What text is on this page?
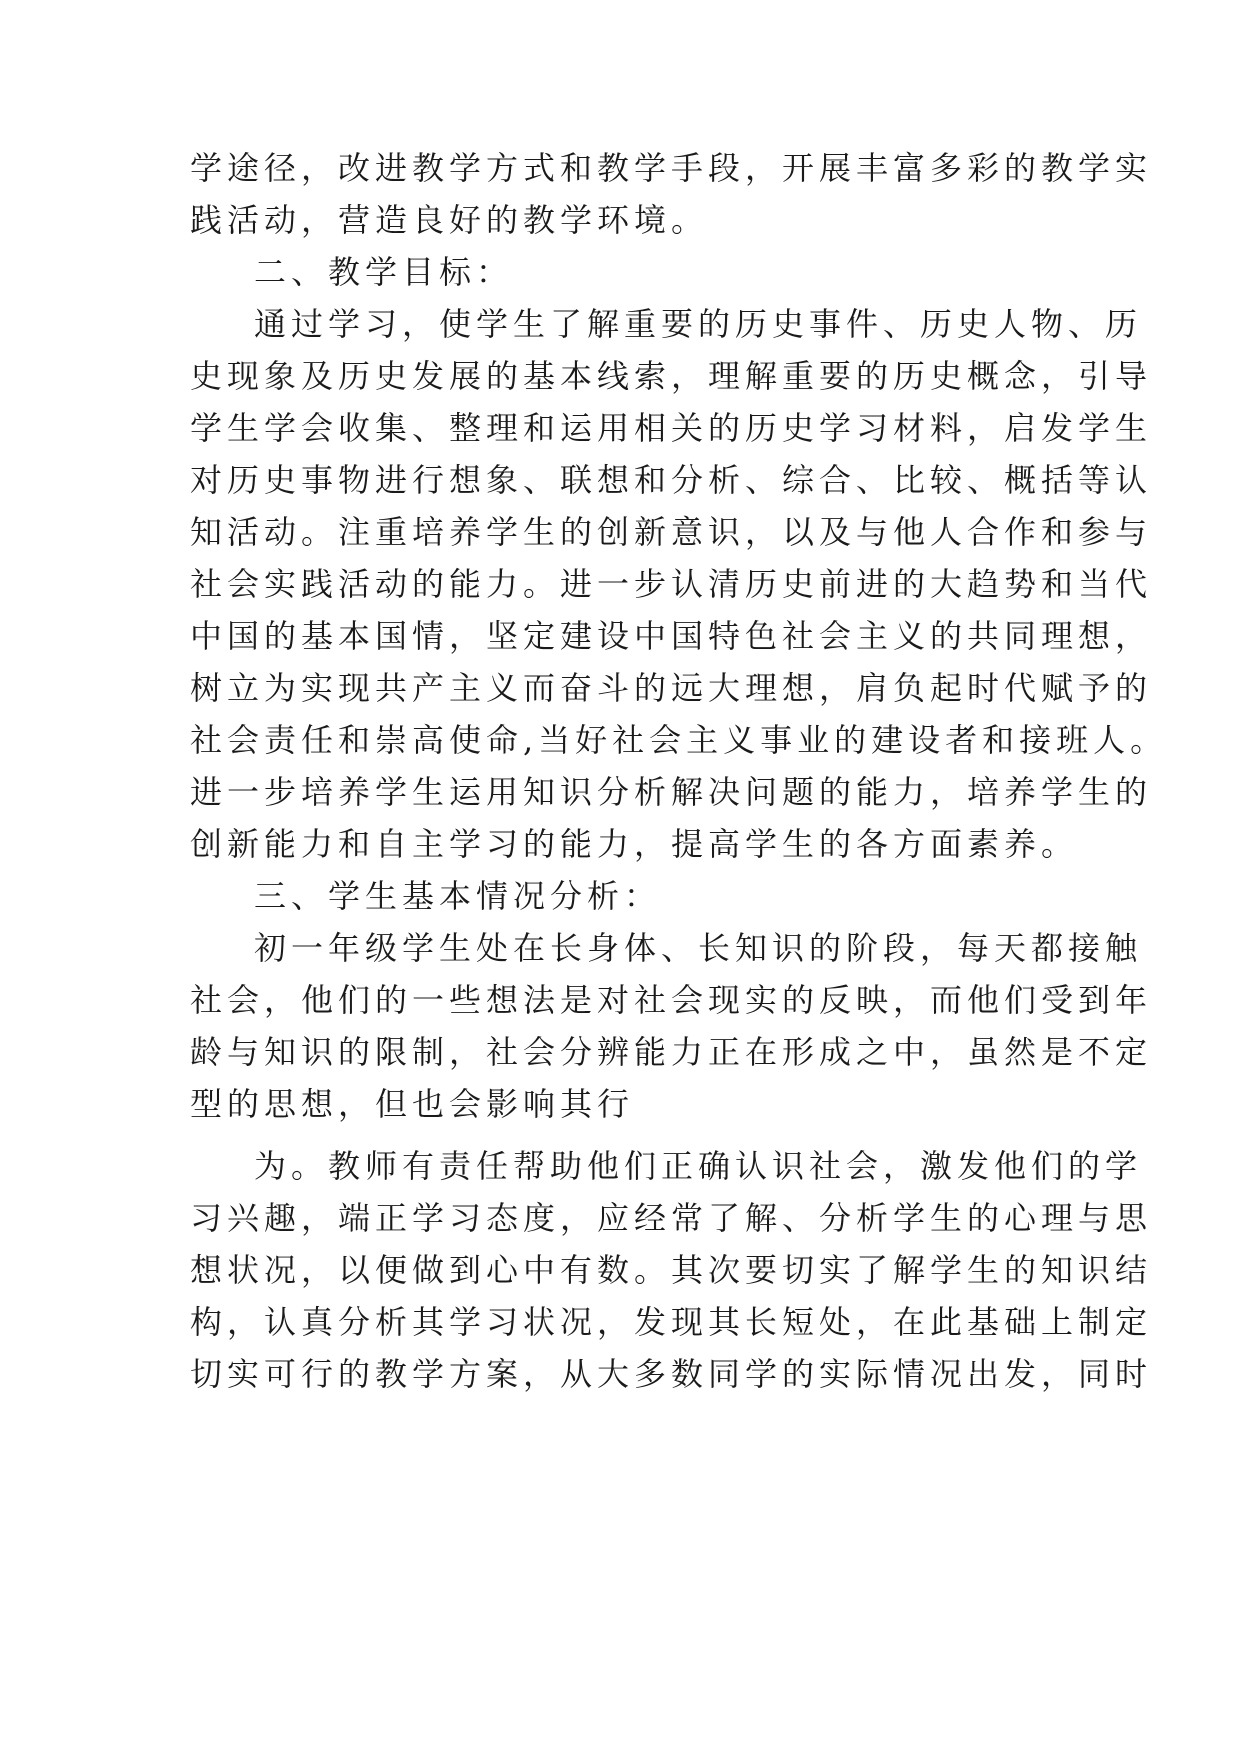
学途径，改进教学方式和教学手段，开展丰富多彩的教学实
践活动，营造良好的教学环境。
二、教学目标：
通过学习，使学生了解重要的历史事件、历史人物、历
史现象及历史发展的基本线索，理解重要的历史概念，引导
学生学会收集、整理和运用相关的历史学习材料，启发学生
对历史事物进行想象、联想和分析、综合、比较、概括等认
知活动。注重培养学生的创新意识，以及与他人合作和参与
社会实践活动的能力。进一步认清历史前进的大趋势和当代
中国的基本国情，坚定建设中国特色社会主义的共同理想，
树立为实现共产主义而奋斗的远大理想，肩负起时代赋予的
社会责任和崇高使命,当好社会主义事业的建设者和接班人。
进一步培养学生运用知识分析解决问题的能力，培养学生的
创新能力和自主学习的能力，提高学生的各方面素养。
三、学生基本情况分析：
初一年级学生处在长身体、长知识的阶段，每天都接触
社会，他们的一些想法是对社会现实的反映，而他们受到年
龄与知识的限制，社会分辨能力正在形成之中，虽然是不定
型的思想，但也会影响其行
为。教师有责任帮助他们正确认识社会，激发他们的学
习兴趣，端正学习态度，应经常了解、分析学生的心理与思
想状况，以便做到心中有数。其次要切实了解学生的知识结
构，认真分析其学习状况，发现其长短处，在此基础上制定
切实可行的教学方案，从大多数同学的实际情况出发，同时
